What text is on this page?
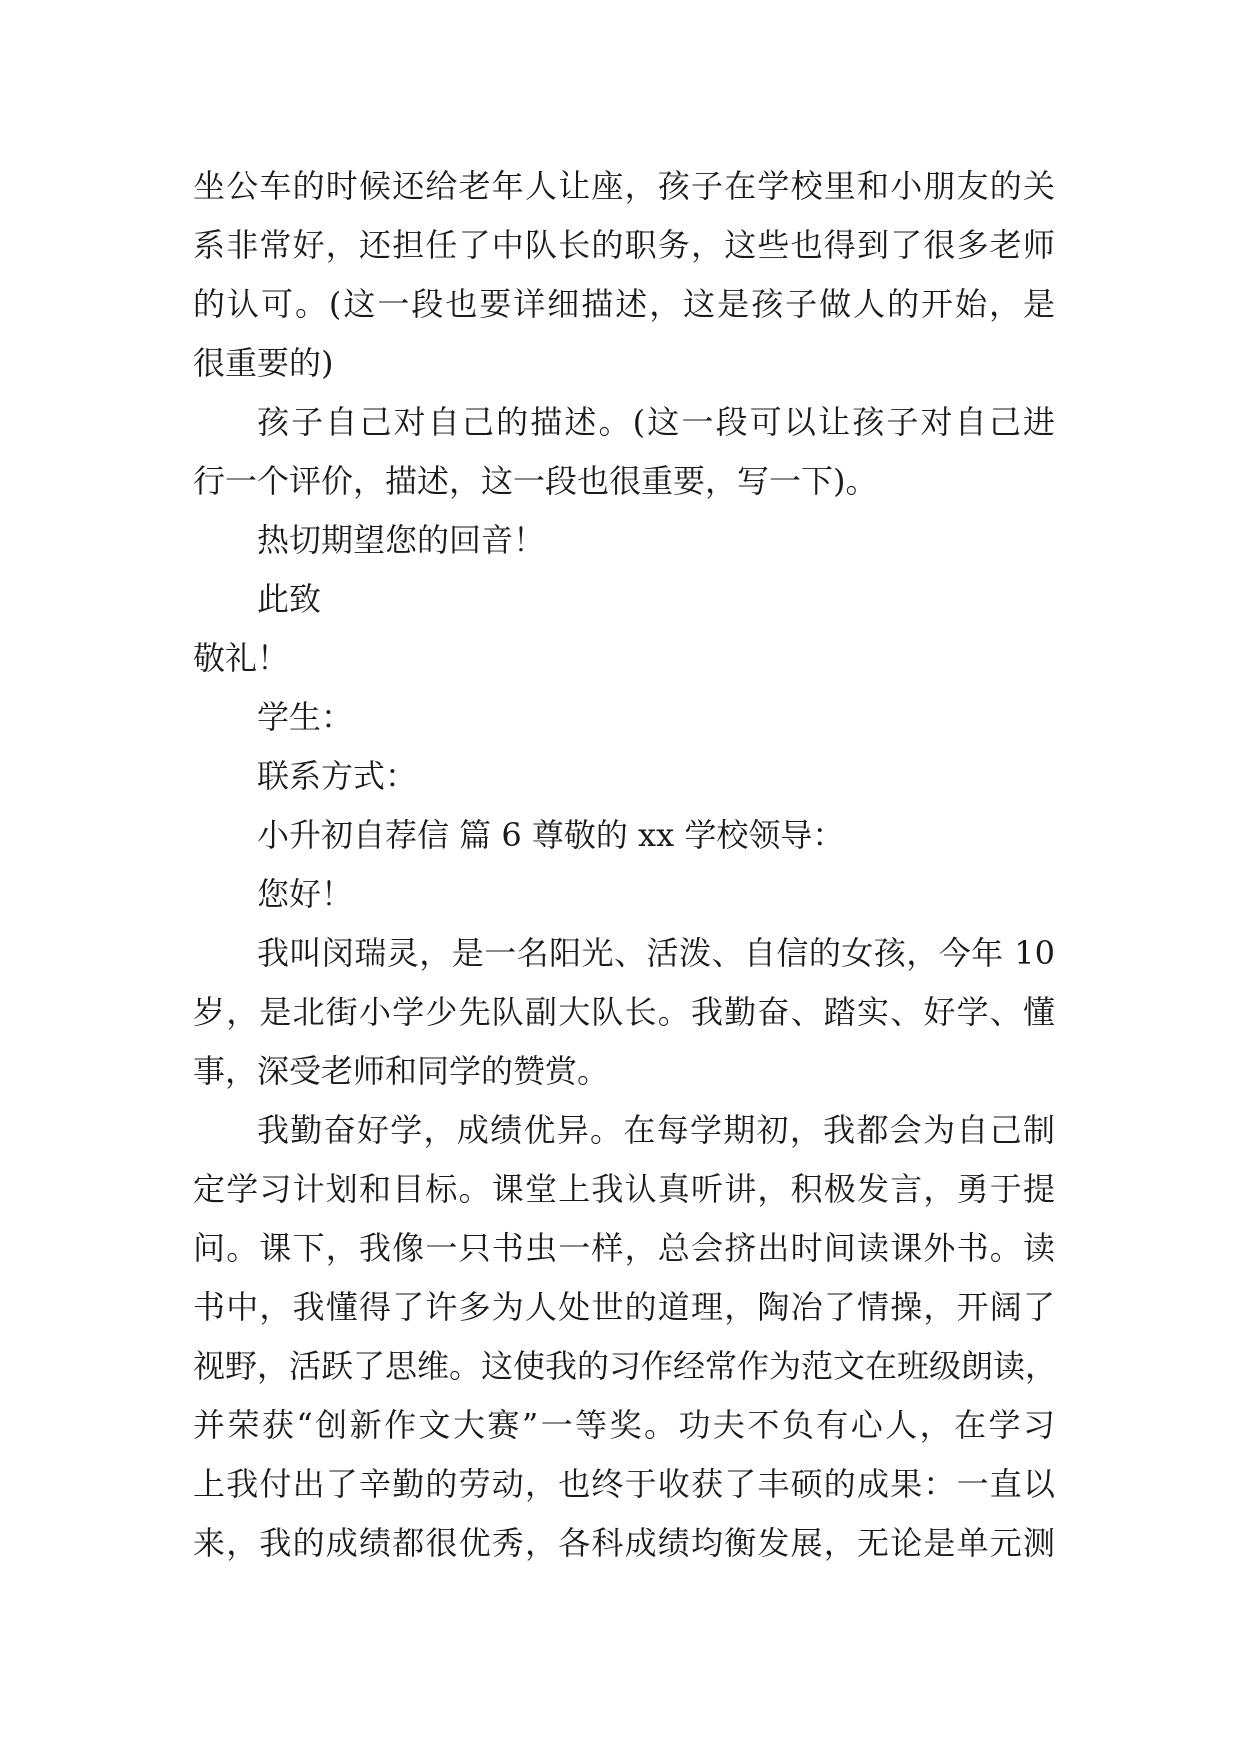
坐公车的时候还给老年人让座，孩子在学校里和小朋友的关
系非常好，还担任了中队长的职务，这些也得到了很多老师
的认可。(这一段也要详细描述，这是孩子做人的开始，是
很重要的)
孩子自己对自己的描述。(这一段可以让孩子对自己进
行一个评价，描述，这一段也很重要，写一下)。
热切期望您的回音！
此致
敬礼！
学生：
联系方式：
小升初自荐信 篇 6 尊敬的 xx 学校领导：
您好！
我叫闵瑞灵，是一名阳光、活泼、自信的女孩，今年 10
岁，是北街小学少先队副大队长。我勤奋、踏实、好学、懂
事，深受老师和同学的赞赏。
我勤奋好学，成绩优异。在每学期初，我都会为自己制
定学习计划和目标。课堂上我认真听讲，积极发言，勇于提
问。课下，我像一只书虫一样，总会挤出时间读课外书。读
书中，我懂得了许多为人处世的道理，陶冶了情操，开阔了
视野，活跃了思维。这使我的习作经常作为范文在班级朗读，
并荣获“创新作文大赛”一等奖。功夫不负有心人，在学习
上我付出了辛勤的劳动，也终于收获了丰硕的成果：一直以
来，我的成绩都很优秀，各科成绩均衡发展，无论是单元测
